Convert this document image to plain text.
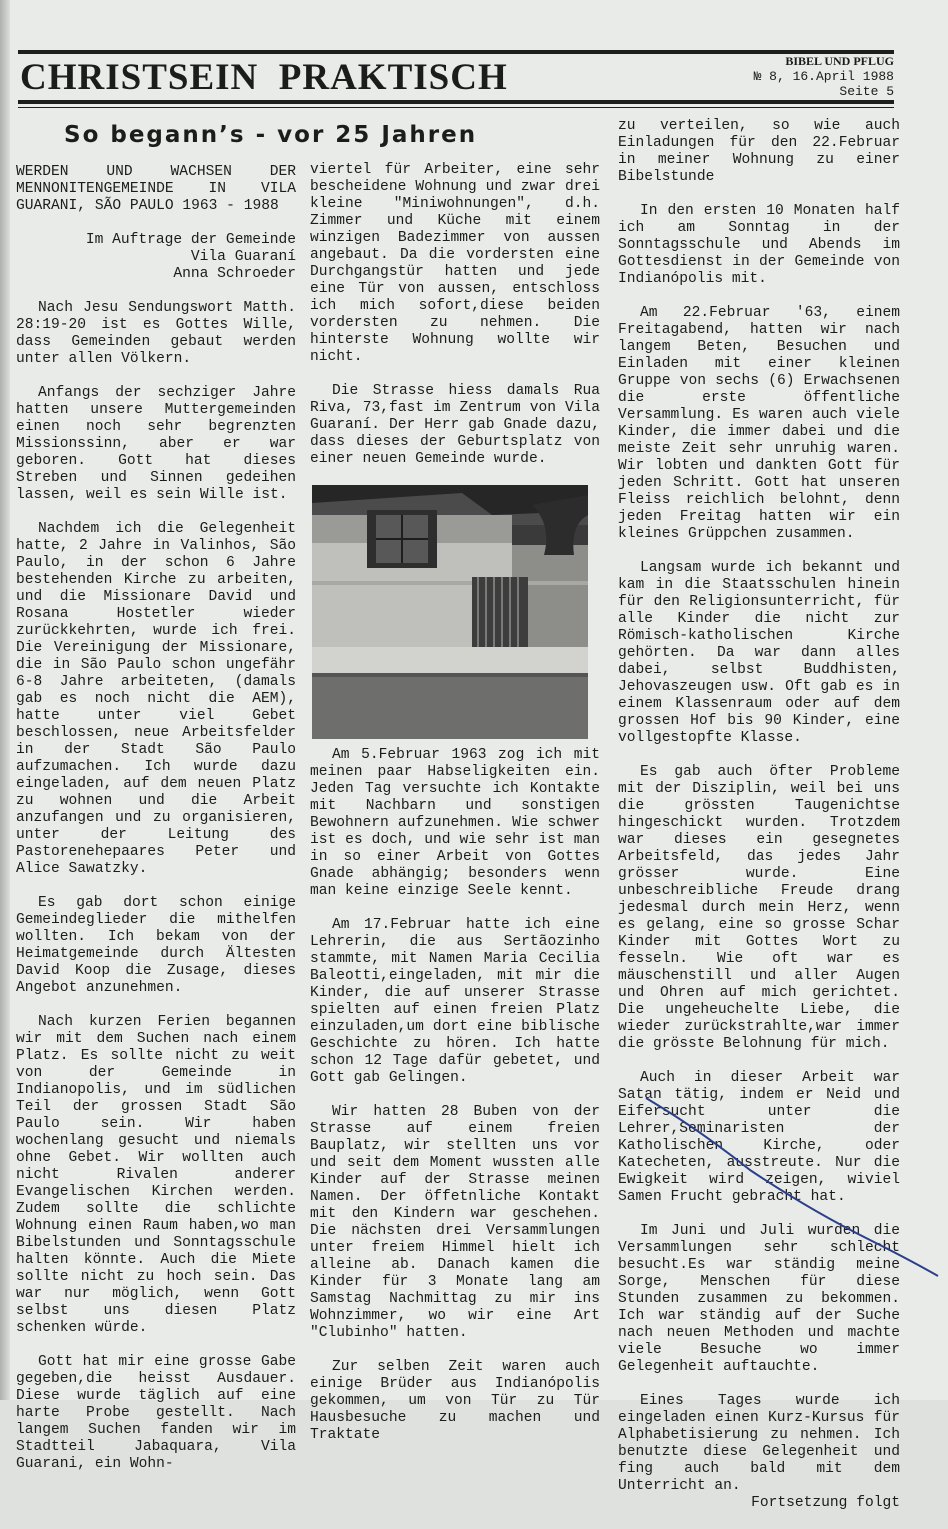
CHRISTSEIN  PRAKTISCH	BIBEL UND PFLUG
№ 8, 16.April 1988
Seite 5
So begann’s - vor 25 Jahren

WERDEN UND WACHSEN DER MENNONITENGEMEINDE IN VILA GUARANI, SÃO PAULO 1963 - 1988

Im Auftrage der Gemeinde
Vila Guaraní
Anna Schroeder

Nach Jesu Sendungswort Matth. 28:19-20 ist es Gottes Wille, dass Gemeinden gebaut werden unter allen Völkern.

Anfangs der sechziger Jahre hatten unsere Muttergemeinden einen noch sehr begrenzten Missionssinn, aber er war geboren. Gott hat dieses Streben und Sinnen gedeihen lassen, weil es sein Wille ist.

Nachdem ich die Gelegenheit hatte, 2 Jahre in Valinhos, São Paulo, in der schon 6 Jahre bestehenden Kirche zu arbeiten, und die Missionare David und Rosana Hostetler wieder zurückkehrten, wurde ich frei. Die Vereinigung der Missionare, die in São Paulo schon ungefähr 6-8 Jahre arbeiteten, (damals gab es noch nicht die AEM), hatte unter viel Gebet beschlossen, neue Arbeitsfelder in der Stadt São Paulo aufzumachen. Ich wurde dazu eingeladen, auf dem neuen Platz zu wohnen und die Arbeit anzufangen und zu organisieren, unter der Leitung des Pastorenehepaares Peter und Alice Sawatzky.

Es gab dort schon einige Gemeindeglieder die mithelfen wollten. Ich bekam von der Heimatgemeinde durch Ältesten David Koop die Zusage, dieses Angebot anzunehmen.

Nach kurzen Ferien begannen wir mit dem Suchen nach einem Platz. Es sollte nicht zu weit von der Gemeinde in Indianopolis, und im südlichen Teil der grossen Stadt São Paulo sein. Wir haben wochenlang gesucht und niemals ohne Gebet. Wir wollten auch nicht Rivalen anderer Evangelischen Kirchen werden. Zudem sollte die schlichte Wohnung einen Raum haben,wo man Bibelstunden und Sonntagsschule halten könnte. Auch die Miete sollte nicht zu hoch sein. Das war nur möglich, wenn Gott selbst uns diesen Platz schenken würde.

Gott hat mir eine grosse Gabe gegeben,die heisst Ausdauer. Diese wurde täglich auf eine harte Probe gestellt. Nach langem Suchen fanden wir im Stadtteil Jabaquara, Vila Guarani, ein Wohn-

viertel für Arbeiter, eine sehr bescheidene Wohnung und zwar drei kleine "Miniwohnungen", d.h. Zimmer und Küche mit einem winzigen Badezimmer von aussen angebaut. Da die vordersten eine Durchgangstür hatten und jede eine Tür von aussen, entschloss ich mich sofort,diese beiden vordersten zu nehmen. Die hinterste Wohnung wollte wir nicht.

Die Strasse hiess damals Rua Riva, 73,fast im Zentrum von Vila Guaraní. Der Herr gab Gnade dazu, dass dieses der Geburtsplatz von einer neuen Gemeinde wurde.

Am 5.Februar 1963 zog ich mit meinen paar Habseligkeiten ein. Jeden Tag versuchte ich Kontakte mit Nachbarn und sonstigen Bewohnern aufzunehmen. Wie schwer ist es doch, und wie sehr ist man in so einer Arbeit von Gottes Gnade abhängig; besonders wenn man keine einzige Seele kennt.

Am 17.Februar hatte ich eine Lehrerin, die aus Sertãozinho stammte, mit Namen Maria Cecilia Baleotti,eingeladen, mit mir die Kinder, die auf unserer Strasse spielten auf einen freien Platz einzuladen,um dort eine biblische Geschichte zu hören. Ich hatte schon 12 Tage dafür gebetet, und Gott gab Gelingen.

Wir hatten 28 Buben von der Strasse auf einem freien Bauplatz, wir stellten uns vor und seit dem Moment wussten alle Kinder auf der Strasse meinen Namen. Der öffetnliche Kontakt mit den Kindern war geschehen. Die nächsten drei Versammlungen unter freiem Himmel hielt ich alleine ab. Danach kamen die Kinder für 3 Monate lang am Samstag Nachmittag zu mir ins Wohnzimmer, wo wir eine Art "Clubinho" hatten.

Zur selben Zeit waren auch einige Brüder aus Indianópolis gekommen, um von Tür zu Tür Hausbesuche zu machen und Traktate

zu verteilen, so wie auch Einladungen für den 22.Februar in meiner Wohnung zu einer Bibelstunde

In den ersten 10 Monaten half ich am Sonntag in der Sonntagsschule und Abends im Gottesdienst in der Gemeinde von Indianópolis mit.

Am 22.Februar '63, einem Freitagabend, hatten wir nach langem Beten, Besuchen und Einladen mit einer kleinen Gruppe von sechs (6) Erwachsenen die erste öffentliche Versammlung. Es waren auch viele Kinder, die immer dabei und die meiste Zeit sehr unruhig waren. Wir lobten und dankten Gott für jeden Schritt. Gott hat unseren Fleiss reichlich belohnt, denn jeden Freitag hatten wir ein kleines Grüppchen zusammen.

Langsam wurde ich bekannt und kam in die Staatsschulen hinein für den Religionsunterricht, für alle Kinder die nicht zur Römisch-katholischen Kirche gehörten. Da war dann alles dabei, selbst Buddhisten, Jehovaszeugen usw. Oft gab es in einem Klassenraum oder auf dem grossen Hof bis 90 Kinder, eine vollgestopfte Klasse.

Es gab auch öfter Probleme mit der Disziplin, weil bei uns die grössten Taugenichtse hingeschickt wurden. Trotzdem war dieses ein gesegnetes Arbeitsfeld, das jedes Jahr grösser wurde. Eine unbeschreibliche Freude drang jedesmal durch mein Herz, wenn es gelang, eine so grosse Schar Kinder mit Gottes Wort zu fesseln. Wie oft war es mäuschenstill und aller Augen und Ohren auf mich gerichtet. Die ungeheuchelte Liebe, die wieder zurückstrahlte,war immer die grösste Belohnung für mich.

Auch in dieser Arbeit war Satan tätig, indem er Neid und Eifersucht unter die Lehrer,Seminaristen der Katholischen Kirche, oder Katecheten, ausstreute. Nur die Ewigkeit wird zeigen, wiviel Samen Frucht gebracht hat.

Im Juni und Juli wurden die Versammlungen sehr schlecht besucht.Es war ständig meine Sorge, Menschen für diese Stunden zusammen zu bekommen. Ich war ständig auf der Suche nach neuen Methoden und machte viele Besuche wo immer Gelegenheit auftauchte.

Eines Tages wurde ich eingeladen einen Kurz-Kursus für Alphabetisierung zu nehmen. Ich benutzte diese Gelegenheit und fing auch bald mit dem Unterricht an.

Fortsetzung folgt
